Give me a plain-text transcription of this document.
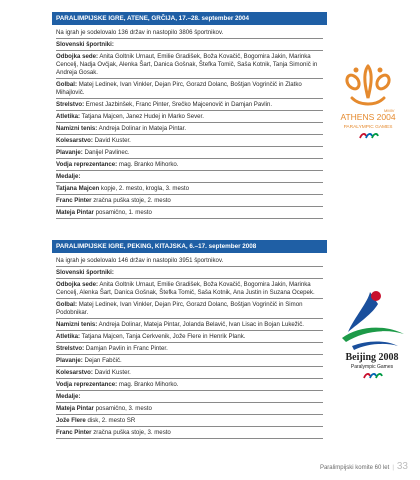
PARALIMPIJSKE IGRE, ATENE, GRČIJA, 17.–28. september 2004
Na igrah je sodelovalo 136 držav in nastopilo 3806 športnikov.
Slovenski športniki:
Odbojka sede: Anita Goltnik Urnaut, Emilie Gradišek, Boža Kovačič, Bogomira Jakin, Marinka Cencelj, Nadja Ovčjak, Alenka Šart, Danica Gošnak, Štefka Tomič, Saša Kotnik, Tanja Simonič in Andreja Gosak.
Golbal: Matej Ledinek, Ivan Vinkler, Dejan Pirc, Gorazd Dolanc, Boštjan Vogrinčič in Zlatko Mihajlovič.
Strelstvo: Ernest Jazbinšek, Franc Pinter, Srečko Majcenovič in Damjan Pavlin.
Atletika: Tatjana Majcen, Janez Hudej in Marko Sever.
Namizni tenis: Andreja Dolinar in Mateja Pintar.
Kolesarstvo: David Kuster.
Plavanje: Danijel Pavlinec.
Vodja reprezentance: mag. Branko Mihorko.
Medalje:
Tatjana Majcen kopje, 2. mesto, krogla, 3. mesto
Franc Pinter zračna puška stoje, 2. mesto
Mateja Pintar posamično, 1. mesto
PARALIMPIJSKE IGRE, PEKING, KITAJSKA, 6.–17. september 2008
Na igrah je sodelovalo 146 držav in nastopilo 3951 športnikov.
Slovenski športniki:
Odbojka sede: Anita Goltnik Urnaut, Emilie Gradišek, Boža Kovačič, Bogomira Jakin, Marinka Cencelj, Alenka Šart, Danica Gošnak, Štefka Tomič, Saša Kotnik, Ana Justin in Suzana Ocepek.
Golbal: Matej Ledinek, Ivan Vinkler, Dejan Pirc, Gorazd Dolanc, Boštjan Vogrinčič in Simon Podobnikar.
Namizni tenis: Andreja Dolinar, Mateja Pintar, Jolanda Belavič, Ivan Lisac in Bojan Lukežič.
Atletika: Tatjana Majcen, Tanja Cerkvenik, Jože Flere in Henrik Plank.
Strelstvo: Damjan Pavlin in Franc Pinter.
Plavanje: Dejan Fabčič.
Kolesarstvo: David Kuster.
Vodja reprezentance: mag. Branko Mihorko.
Medalje:
Mateja Pintar posamično, 3. mesto
Jože Flere disk, 2. mesto SR
Franc Pinter zračna puška stoje, 3. mesto
MMIV
ATHENS 2004
PARALYMPIC GAMES
Beijing 2008
Paralympic Games
Paralimpijski komite 60 let | 33
